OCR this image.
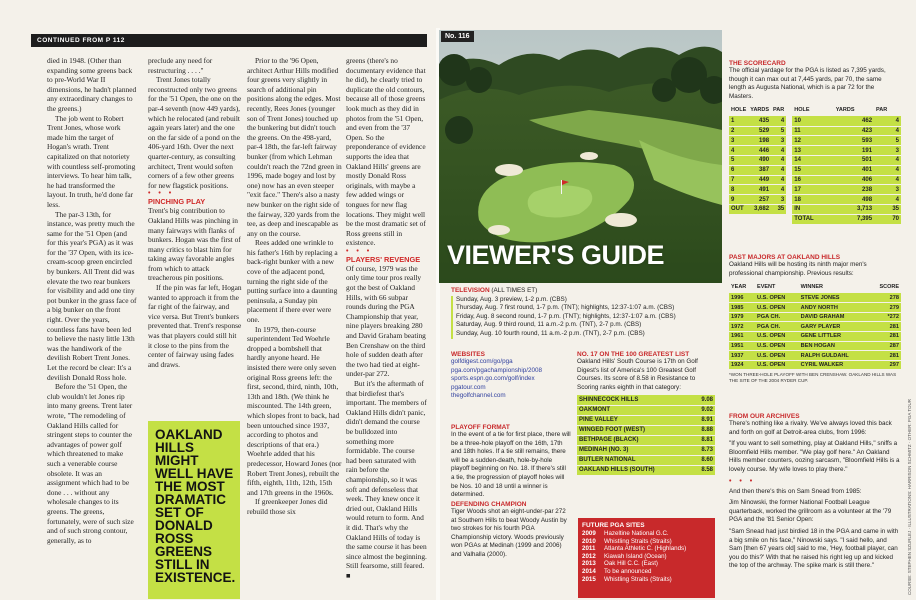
CONTINUED FROM P 112

died in 1948. (Other than expanding some greens back to pre-World War II dimensions, he hadn't planned any extraordinary changes to the greens.)

The job went to Robert Trent Jones, whose work made him the target of Hogan's wrath. Trent capitalized on that notoriety with countless self-promoting interviews. To hear him talk, he had transformed the layout. In truth, he'd done far less.

The par-3 13th, for instance, was pretty much the same for the '51 Open (and for this year's PGA) as it was for the '37 Open, with its ice-cream-scoop green encircled by bunkers. All Trent did was elevate the two rear bunkers for visibility and add one tiny pot bunker in the grass face of a big bunker on the front right. Over the years, countless fans have been led to believe the nasty little 13th was the handiwork of the devilish Robert Trent Jones. Let the record be clear: It's a devilish Donald Ross hole.

Before the '51 Open, the club wouldn't let Jones rip into many greens. Trent later wrote, "The remodeling of Oakland Hills called for stringent steps to counter the advantages of power golf which threatened to make such a venerable course obsolete. It was an assignment which had to be done . . . without any wholesale changes to its greens. The greens, fortunately, were of such size and of such strong contour, generally, as to

preclude any need for restructuring . . . ."

Trent Jones totally reconstructed only two greens for the '51 Open, the one on the par-4 seventh (now 449 yards), which he relocated (and rebuilt again years later) and the one on the far side of a pond on the 406-yard 16th. Over the next quarter-century, as consulting architect, Trent would soften corners of a few other greens for new flagstick positions.

• • •

PINCHING PLAY

Trent's big contribution to Oakland Hills was pinching in many fairways with flanks of bunkers. Hogan was the first of many critics to blast him for taking away favorable angles from which to attack treacherous pin positions.

If the pin was far left, Hogan wanted to approach it from the far right of the fairway, and vice versa. But Trent's bunkers prevented that. Trent's response was that players could still hit it close to the pins from the center of fairway using fades and draws.

OAKLAND HILLS MIGHT WELL HAVE THE MOST DRAMATIC SET OF DONALD ROSS GREENS STILL IN EXISTENCE.

Prior to the '96 Open, architect Arthur Hills modified four greens very slightly in search of additional pin positions along the edges. Most recently, Rees Jones (younger son of Trent Jones) touched up the bunkering but didn't touch the greens. On the 498-yard, par-4 18th, the far-left fairway bunker (from which Lehman couldn't reach the 72nd green in 1996, made bogey and lost by one) now has an even steeper "exit face." There's also a nasty new bunker on the right side of the fairway, 320 yards from the tee, as deep and inescapable as any on the course.

Rees added one wrinkle to his father's 16th by replacing a back-right bunker with a new cove of the adjacent pond, turning the right side of the putting surface into a daunting peninsula, a Sunday pin placement if there ever were one.

In 1979, then-course superintendent Ted Woehrle dropped a bombshell that hardly anyone heard. He insisted there were only seven original Ross greens left: the first, second, third, ninth, 10th, 13th and 18th. (We think he miscounted. The 14th green, which slopes front to back, had been untouched since 1937, according to photos and descriptions of that era.) Woehrle added that his predecessor, Howard Jones (nor Robert Trent Jones), rebuilt the fifth, eighth, 11th, 12th, 15th and 17th greens in the 1960s.

If greenkeeper Jones did rebuild those six

greens (there's no documentary evidence that he did), he clearly tried to duplicate the old contours, because all of those greens look much as they did in photos from the '51 Open, and even from the '37 Open. So the preponderance of evidence supports the idea that Oakland Hills' greens are mostly Donald Ross originals, with maybe a few added wings or tongues for new flag locations. They might well be the most dramatic set of Ross greens still in existence.

• • •

PLAYERS' REVENGE

Of course, 1979 was the only time tour pros really got the best of Oakland Hills, with 66 subpar rounds during the PGA Championship that year, nine players breaking 280 and David Graham beating Ben Crenshaw on the third hole of sudden death after the two had tied at eight-under-par 272.

But it's the aftermath of that birdiefest that's important. The members of Oakland Hills didn't panic, didn't demand the course be bulldozed into something more formidable. The course had been saturated with rain before the championship, so it was soft and defenseless that week. They knew once it dried out, Oakland Hills would return to form. And it did. That's why the Oakland Hills of today is the same course it has been since almost the beginning. Still fearsome, still feared. ■

No. 116
VIEWER'S GUIDE
TELEVISION (ALL TIMES ET)
Sunday, Aug. 3 preview, 1-2 p.m. (CBS)
Thursday, Aug. 7 first round, 1-7 p.m. (TNT); highlights, 12:37-1:07 a.m. (CBS)
Friday, Aug. 8 second round, 1-7 p.m. (TNT); highlights, 12:37-1:07 a.m. (CBS)
Saturday, Aug. 9 third round, 11 a.m.-2 p.m. (TNT), 2-7 p.m. (CBS)
Sunday, Aug. 10 fourth round, 11 a.m.-2 p.m. (TNT), 2-7 p.m. (CBS)
WEBSITES
golfdigest.com/go/pga
pga.com/pgachampionship/2008
sports.espn.go.com/golf/index
pgatour.com
thegolfchannel.com
PLAYOFF FORMAT
In the event of a tie for first place, there will be a three-hole playoff on the 16th, 17th and 18th holes. If a tie still remains, there will be a sudden-death, hole-by-hole playoff beginning on No. 18. If there's still a tie, the progression of playoff holes will be Nos. 10 and 18 until a winner is determined.
DEFENDING CHAMPION
Tiger Woods shot an eight-under-par 272 at Southern Hills to beat Woody Austin by two strokes for his fourth PGA Championship victory. Woods previously won PGAs at Medinah (1999 and 2006) and Valhalla (2000).
NO. 17 ON THE 100 GREATEST LIST
Oakland Hills' South Course is 17th on Golf Digest's list of America's 100 Greatest Golf Courses. Its score of 8.58 in Resistance to Scoring ranks eighth in that category:
SHINNECOCK HILLS	9.08
OAKMONT	9.02
PINE VALLEY	8.91
WINGED FOOT (WEST)	8.88
BETHPAGE (BLACK)	8.81
MEDINAH (NO. 3)	8.73
BUTLER NATIONAL	8.60
OAKLAND HILLS (SOUTH)	8.58
FUTURE PGA SITES
2009	Hazeltine National G.C.
2010	Whistling Straits (Straits)
2011	Atlanta Athletic C. (Highlands)
2012	Kiawah Island (Ocean)
2013	Oak Hill C.C. (East)
2014	To be announced
2015	Whistling Straits (Straits)
THE SCORECARD
The official yardage for the PGA is listed as 7,395 yards, though it can max out at 7,445 yards, par 70, the same length as Augusta National, which is a par 72 for the Masters.
HOLE	YARDS	PAR		HOLE	YARDS	PAR
1	435	4		10	462	4
2	529	5		11	423	4
3	198	3		12	593	5
4	446	4		13	191	3
5	490	4		14	501	4
6	387	4		15	401	4
7	449	4		16	406	4
8	491	4		17	238	3
9	257	3		18	498	4
OUT	3,682	35		IN	3,713	35
				TOTAL	7,395	70
PAST MAJORS AT OAKLAND HILLS
Oakland Hills will be hosting its ninth major men's professional championship. Previous results:
YEAR	EVENT	WINNER	SCORE
1996	U.S. OPEN	STEVE JONES	278
1985	U.S. OPEN	ANDY NORTH	279
1979	PGA CH.	DAVID GRAHAM	*272
1972	PGA CH.	GARY PLAYER	281
1961	U.S. OPEN	GENE LITTLER	281
1951	U.S. OPEN	BEN HOGAN	287
1937	U.S. OPEN	RALPH GULDAHL	281
1924	U.S. OPEN	CYRIL WALKER	297
*WON THREE-HOLE PLAYOFF WITH BEN CRENSHAW. OAKLAND HILLS WAS THE SITE OF THE 2004 RYDER CUP.
FROM OUR ARCHIVES

There's nothing like a rivalry. We've always loved this back and forth on golf at Detroit-area clubs, from 1996:

"If you want to sell something, play at Oakland Hills," sniffs a Bloomfield Hills member. "We play golf here." An Oakland Hills member counters, oozing sarcasm, "Bloomfield Hills is a lovely course. My wife loves to play there."

• • •

And then there's this on Sam Snead from 1985:

Jim Ninowski, the former National Football League quarterback, worked the grillroom as a volunteer at the '79 PGA and the '81 Senior Open:

"Sam Snead had just birdied 18 in the PGA and came in with a big smile on his face," Ninowski says. "I said hello, and Sam [then 67 years old] said to me, 'Hey, football player, can you do this?' With that he raised his right leg up and kicked the top of the archway. The spike mark is still there."	COURSE: STEPHEN SZURLEJ · ILLUSTRATIONS: HARRISON SCHMITZ · OTHER: PGA TOUR
